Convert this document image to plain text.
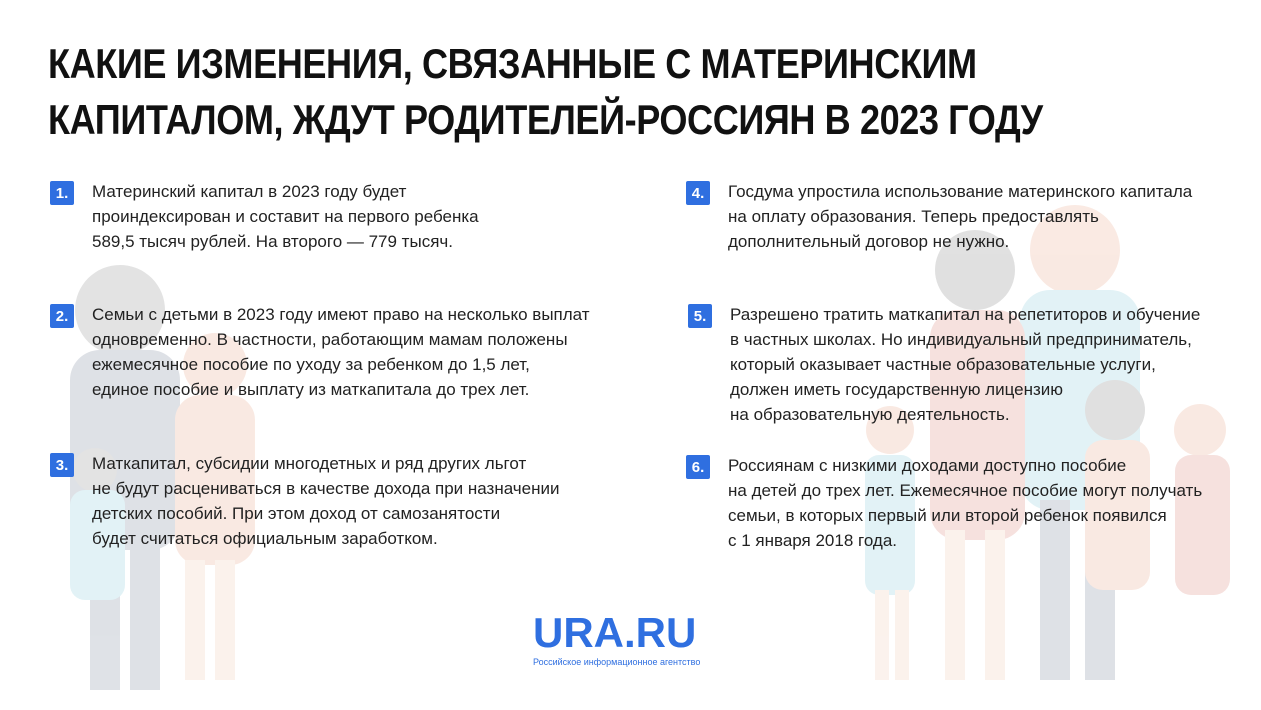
КАКИЕ ИЗМЕНЕНИЯ, СВЯЗАННЫЕ С МАТЕРИНСКИМ
КАПИТАЛОМ, ЖДУТ РОДИТЕЛЕЙ-РОССИЯН В 2023 ГОДУ
1.	Материнский капитал в 2023 году будет
проиндексирован и составит на первого ребенка
589,5 тысяч рублей. На второго — 779 тысяч.
2.	Семьи с детьми в 2023 году имеют право на несколько выплат
одновременно. В частности, работающим мамам положены
ежемесячное пособие по уходу за ребенком до 1,5 лет,
единое пособие и выплату из маткапитала до трех лет.
3.	Маткапитал, субсидии многодетных и ряд других льгот
не будут расцениваться в качестве дохода при назначении
детских пособий. При этом доход от самозанятости
будет считаться официальным заработком.
4.	Госдума упростила использование материнского капитала
на оплату образования. Теперь предоставлять
дополнительный договор не нужно.
5.	Разрешено тратить маткапитал на репетиторов и обучение
в частных школах. Но индивидуальный предприниматель,
который оказывает частные образовательные услуги,
должен иметь государственную лицензию
на образовательную деятельность.
6.	Россиянам с низкими доходами доступно пособие
на детей до трех лет. Ежемесячное пособие могут получать
семьи, в которых первый или второй ребенок появился
с 1 января 2018 года.
URA.RU
Российское информационное агентство
